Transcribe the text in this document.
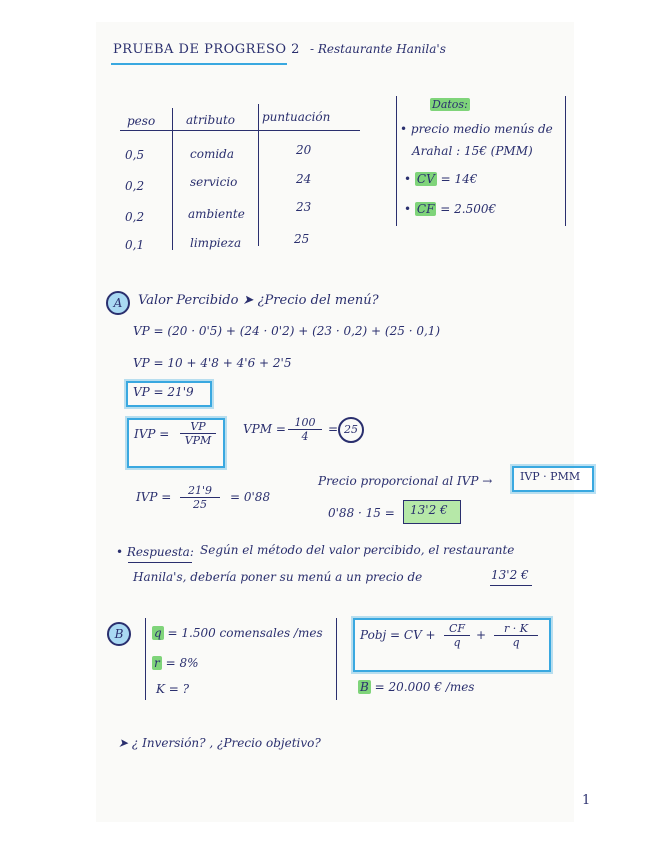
PRUEBA DE PROGRESO 2 - Restaurante Hanila's
peso	atributo puntuación
0,5	comida	20
0,2	servicio	24
0,2	ambiente	23
0,1	limpieza	25
Datos:
• precio medio menús de
Arahal : 15€ (PMM)
• CV = 14€
• CF = 2.500€
A	Valor Percibido ➤ ¿Precio del menú?
VP = (20 · 0'5) + (24 · 0'2) + (23 · 0,2) + (25 · 0,1)
VP = 10 + 4'8 + 4'6 + 2'5
VP = 21'9
IVP =
VP
VPM
VPM = $\frac{100}{4} = 25$
IVP = $\frac{21'9}{25} = 0'88$
Precio proporcional al IVP →	IVP · PMM
0'88 · 15 = 13'2 €
• Respuesta: Según el método del valor percibido, el restaurante
Hanila's, debería poner su menú a un precio de	13'2 €
B	q = 1.500 comensales /mes
r = 8%
K = ?
Pobj = CV + $\frac{CF}{q} + \frac{r \cdot K}{q}$
B = 20.000 € /mes
➤ ¿ Inversión? , ¿Precio objetivo?
1
